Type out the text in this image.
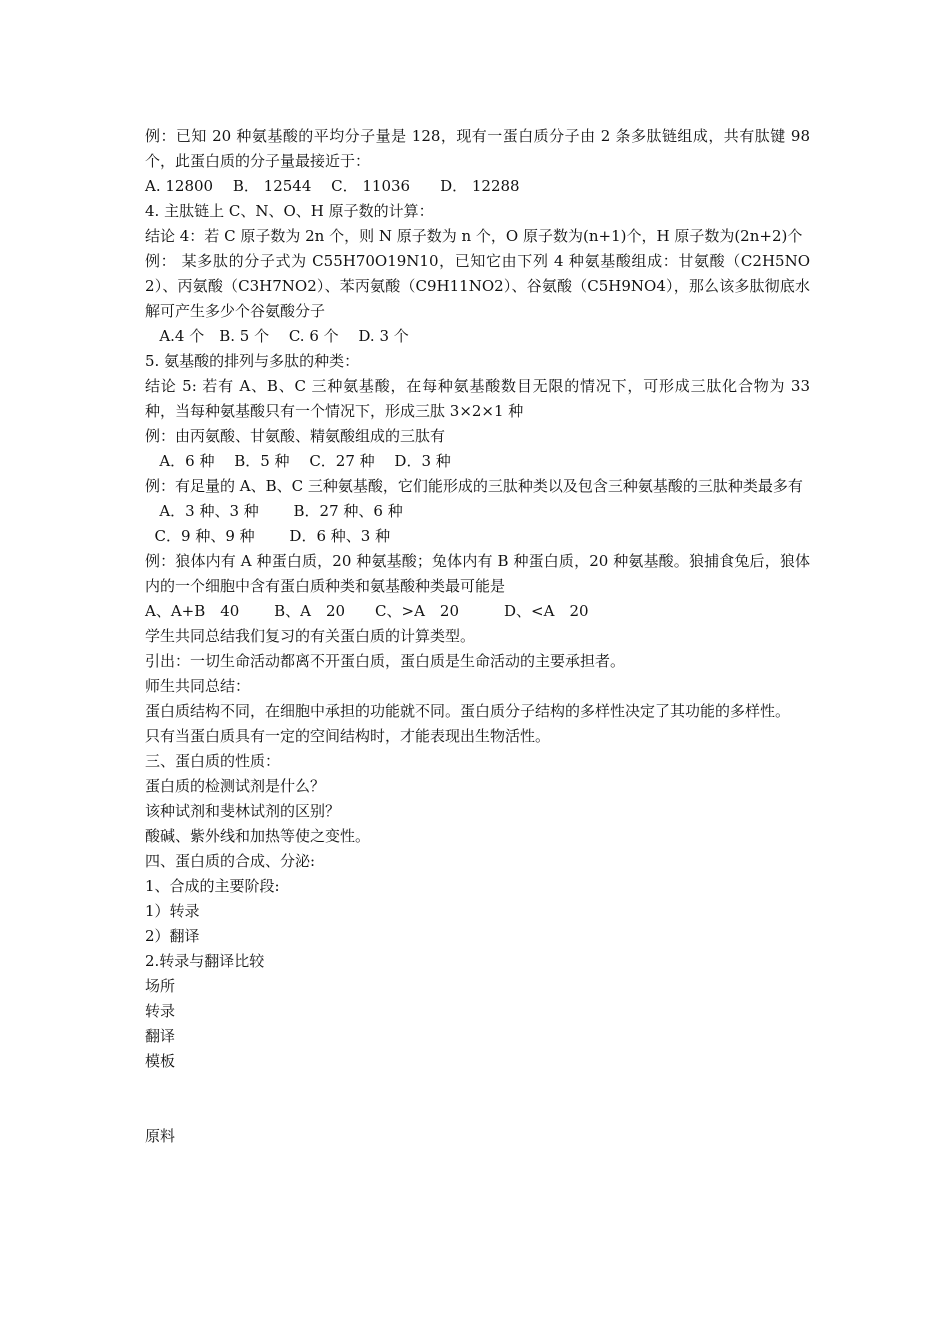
例：已知 20 种氨基酸的平均分子量是 128，现有一蛋白质分子由 2 条多肽链组成，共有肽键 98 个，此蛋白质的分子量最接近于：

A. 12800　 B． 12544　 C． 11036　　D． 12288

4. 主肽链上 C、N、O、H 原子数的计算：

结论 4：若 C 原子数为 2n 个，则 N 原子数为 n 个，O 原子数为(n+1)个，H 原子数为(2n+2)个

例： 某多肽的分子式为 C55H70O19N10，已知它由下列 4 种氨基酸组成：甘氨酸（C2H5NO2）、丙氨酸（C3H7NO2）、苯丙氨酸（C9H11NO2）、谷氨酸（C5H9NO4），那么该多肽彻底水解可产生多少个谷氨酸分子

A.4 个　B. 5 个　 C. 6 个　 D. 3 个

5. 氨基酸的排列与多肽的种类：

结论 5: 若有 A、B、C 三种氨基酸，在每种氨基酸数目无限的情况下，可形成三肽化合物为 33 种，当每种氨基酸只有一个情况下，形成三肽 3×2×1 种

例：由丙氨酸、甘氨酸、精氨酸组成的三肽有

A．6 种　 B．5 种　 C．27 种　 D．3 种

例：有足量的 A、B、C 三种氨基酸，它们能形成的三肽种类以及包含三种氨基酸的三肽种类最多有

A．3 种、3 种　　 B．27 种、6 种

C．9 种、9 种　　 D．6 种、3 种

例：狼体内有 A 种蛋白质，20 种氨基酸；兔体内有 B 种蛋白质，20 种氨基酸。狼捕食兔后，狼体内的一个细胞中含有蛋白质种类和氨基酸种类最可能是

A、A+B　40　　 B、A　20　　C、>A　20　　　D、<A　20

学生共同总结我们复习的有关蛋白质的计算类型。

引出：一切生命活动都离不开蛋白质，蛋白质是生命活动的主要承担者。

师生共同总结：

蛋白质结构不同，在细胞中承担的功能就不同。蛋白质分子结构的多样性决定了其功能的多样性。

只有当蛋白质具有一定的空间结构时，才能表现出生物活性。

三、蛋白质的性质：

蛋白质的检测试剂是什么？

该种试剂和斐林试剂的区别？

酸碱、紫外线和加热等使之变性。

四、蛋白质的合成、分泌:

1、合成的主要阶段:

1）转录

2）翻译

2.转录与翻译比较

场所

转录

翻译

模板

原料
